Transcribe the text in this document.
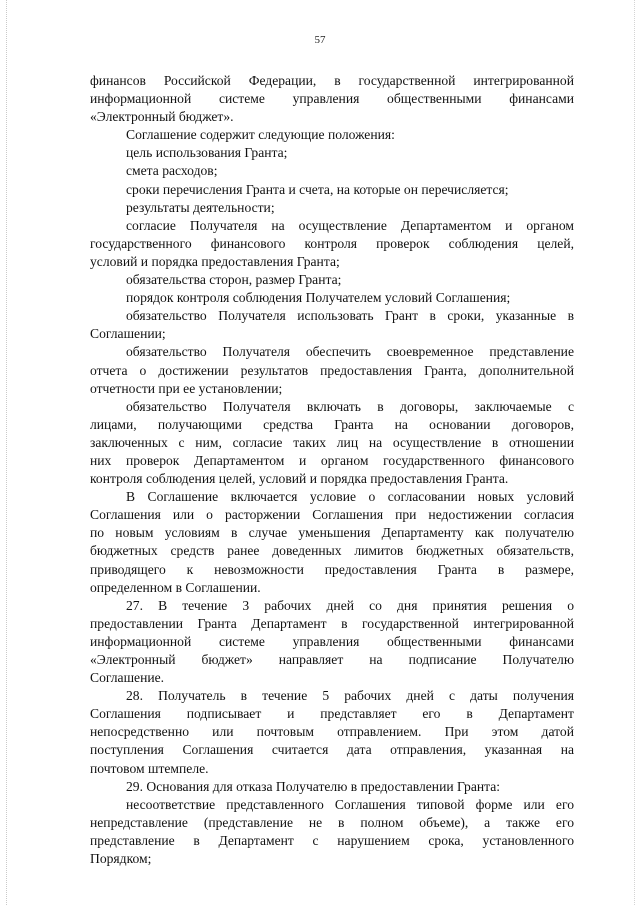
57
финансов Российской Федерации, в государственной интегрированной
информационной системе управления общественными финансами
«Электронный бюджет».
Соглашение содержит следующие положения:
цель использования Гранта;
смета расходов;
сроки перечисления Гранта и счета, на которые он перечисляется;
результаты деятельности;
согласие Получателя на осуществление Департаментом и органом
государственного финансового контроля проверок соблюдения целей,
условий и порядка предоставления Гранта;
обязательства сторон, размер Гранта;
порядок контроля соблюдения Получателем условий Соглашения;
обязательство Получателя использовать Грант в сроки, указанные в
Соглашении;
обязательство Получателя обеспечить своевременное представление
отчета о достижении результатов предоставления Гранта, дополнительной
отчетности при ее установлении;
обязательство Получателя включать в договоры, заключаемые с
лицами, получающими средства Гранта на основании договоров,
заключенных с ним, согласие таких лиц на осуществление в отношении
них проверок Департаментом и органом государственного финансового
контроля соблюдения целей, условий и порядка предоставления Гранта.
В Соглашение включается условие о согласовании новых условий
Соглашения или о расторжении Соглашения при недостижении согласия
по новым условиям в случае уменьшения Департаменту как получателю
бюджетных средств ранее доведенных лимитов бюджетных обязательств,
приводящего к невозможности предоставления Гранта в размере,
определенном в Соглашении.
27. В течение 3 рабочих дней со дня принятия решения о
предоставлении Гранта Департамент в государственной интегрированной
информационной системе управления общественными финансами
«Электронный бюджет» направляет на подписание Получателю
Соглашение.
28. Получатель в течение 5 рабочих дней с даты получения
Соглашения подписывает и представляет его в Департамент
непосредственно или почтовым отправлением. При этом датой
поступления Соглашения считается дата отправления, указанная на
почтовом штемпеле.
29. Основания для отказа Получателю в предоставлении Гранта:
несоответствие представленного Соглашения типовой форме или его
непредставление (представление не в полном объеме), а также его
представление в Департамент с нарушением срока, установленного
Порядком;
